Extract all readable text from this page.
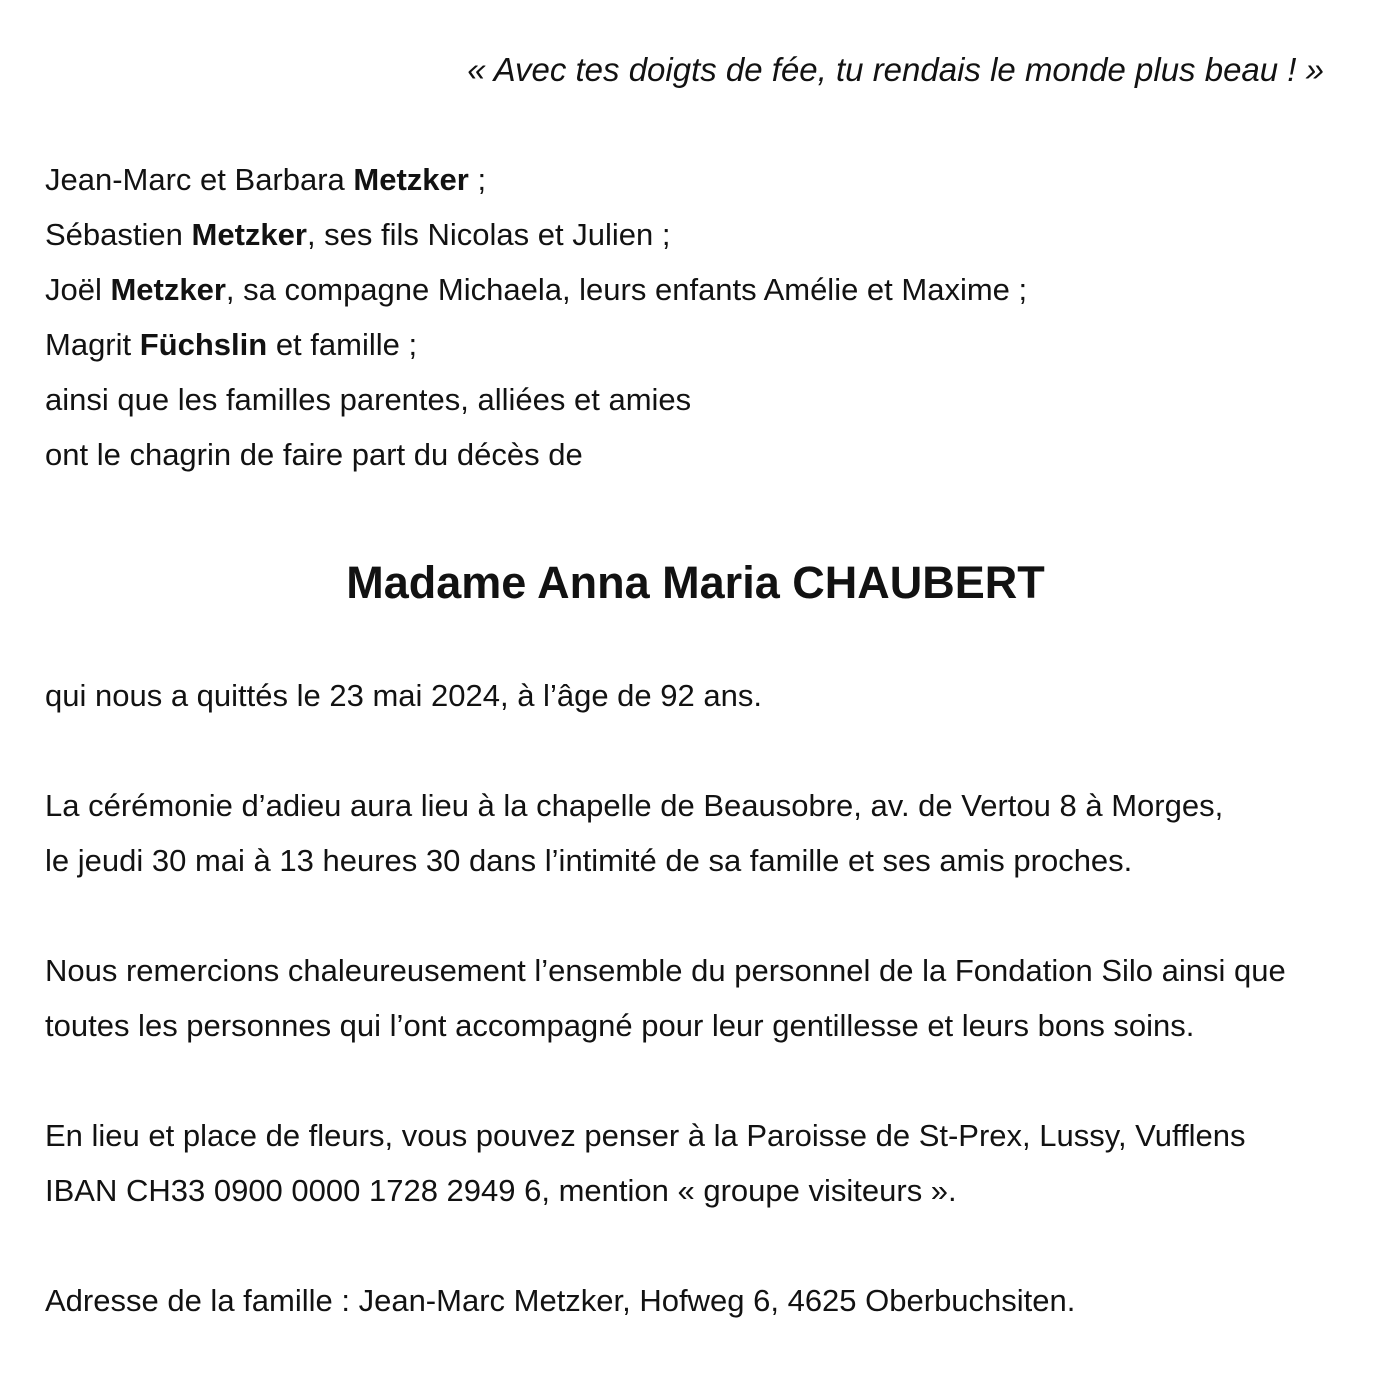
« Avec tes doigts de fée, tu rendais le monde plus beau ! »

Jean-Marc et Barbara Metzker ;

Sébastien Metzker, ses fils Nicolas et Julien ;

Joël Metzker, sa compagne Michaela, leurs enfants Amélie et Maxime ;

Magrit Füchslin et famille ;

ainsi que les familles parentes, alliées et amies

ont le chagrin de faire part du décès de

Madame Anna Maria CHAUBERT

qui nous a quittés le 23 mai 2024, à l’âge de 92 ans.

La cérémonie d’adieu aura lieu à la chapelle de Beausobre, av. de Vertou 8 à Morges,
le jeudi 30 mai à 13 heures 30 dans l’intimité de sa famille et ses amis proches.

Nous remercions chaleureusement l’ensemble du personnel de la Fondation Silo ainsi que
toutes les personnes qui l’ont accompagné pour leur gentillesse et leurs bons soins.

En lieu et place de fleurs, vous pouvez penser à la Paroisse de St-Prex, Lussy, Vufflens
IBAN CH33 0900 0000 1728 2949 6, mention « groupe visiteurs ».

Adresse de la famille : Jean-Marc Metzker, Hofweg 6, 4625 Oberbuchsiten.
